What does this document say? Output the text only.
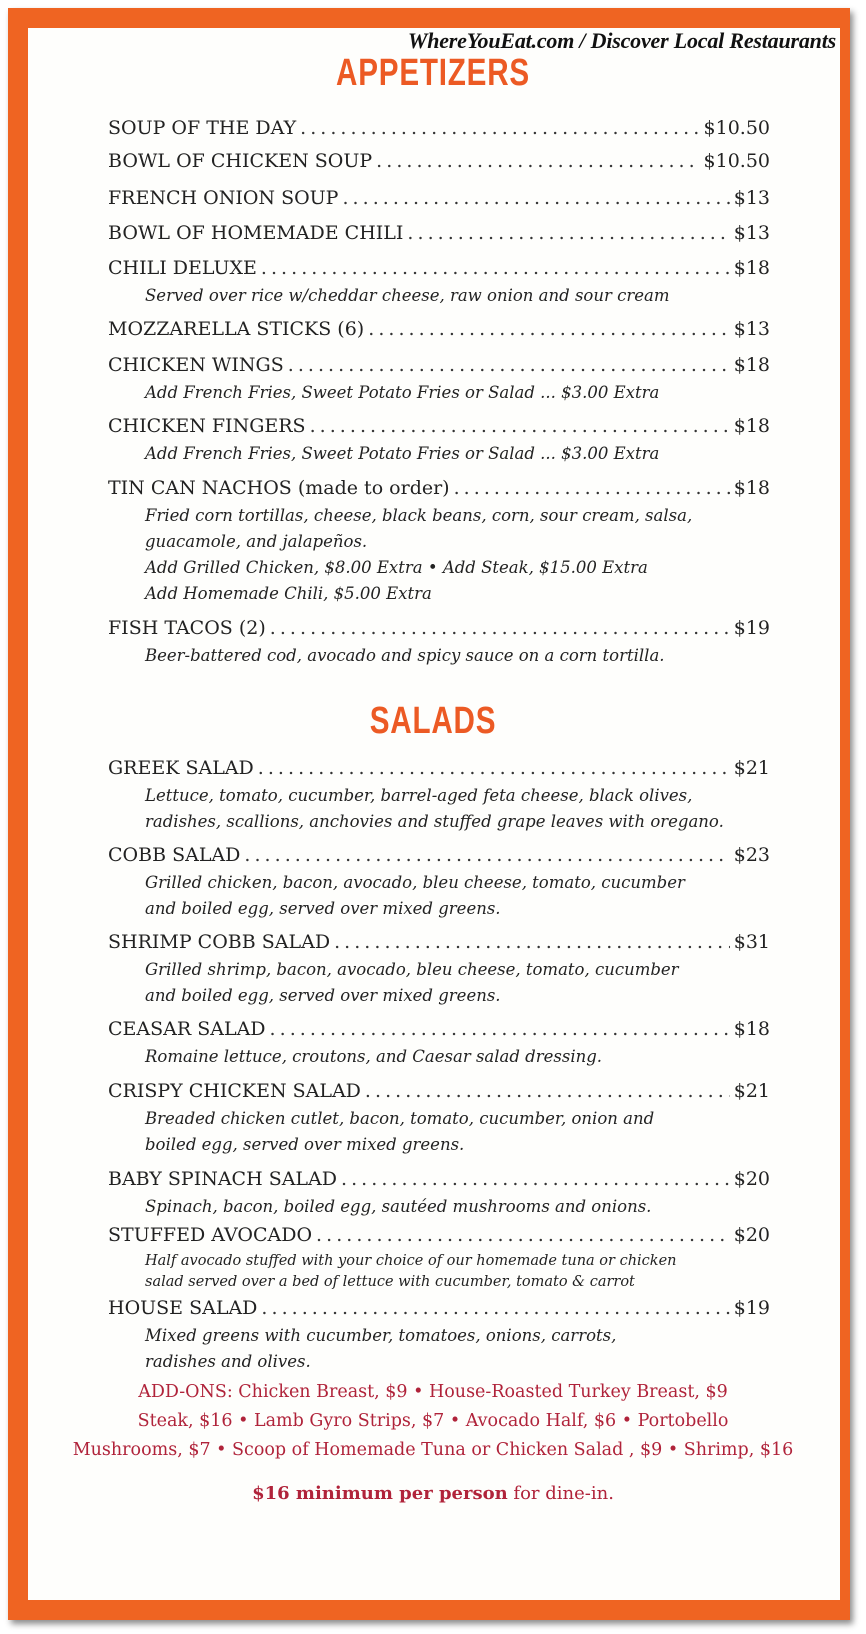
WhereYouEat.com / Discover Local Restaurants
APPETIZERS
SOUP OF THE DAY . . .	$10.50
BOWL OF CHICKEN SOUP . . .	$10.50
FRENCH ONION SOUP . . .	$13
BOWL OF HOMEMADE CHILI . . .	$13
CHILI DELUXE . . .	$18
Served over rice w/cheddar cheese, raw onion and sour cream
MOZZARELLA STICKS (6) . . .	$13
CHICKEN WINGS . . .	$18
Add French Fries, Sweet Potato Fries or Salad ... $3.00 Extra
CHICKEN FINGERS . . .	$18
Add French Fries, Sweet Potato Fries or Salad ... $3.00 Extra
TIN CAN NACHOS (made to order) . . .	$18
Fried corn tortillas, cheese, black beans, corn, sour cream, salsa,
guacamole, and jalapeños.
Add Grilled Chicken, $8.00 Extra • Add Steak, $15.00 Extra
Add Homemade Chili, $5.00 Extra
FISH TACOS (2) . . .	$19
Beer-battered cod, avocado and spicy sauce on a corn tortilla.
SALADS
GREEK SALAD . . .	$21
Lettuce, tomato, cucumber, barrel-aged feta cheese, black olives,
radishes, scallions, anchovies and stuffed grape leaves with oregano.
COBB SALAD . . .	$23
Grilled chicken, bacon, avocado, bleu cheese, tomato, cucumber
and boiled egg, served over mixed greens.
SHRIMP COBB SALAD . . .	$31
Grilled shrimp, bacon, avocado, bleu cheese, tomato, cucumber
and boiled egg, served over mixed greens.
CEASAR SALAD . . .	$18
Romaine lettuce, croutons, and Caesar salad dressing.
CRISPY CHICKEN SALAD . . .	$21
Breaded chicken cutlet, bacon, tomato, cucumber, onion and
boiled egg, served over mixed greens.
BABY SPINACH SALAD . . .	$20
Spinach, bacon, boiled egg, sautéed mushrooms and onions.
STUFFED AVOCADO . . .	$20
Half avocado stuffed with your choice of our homemade tuna or chicken
salad served over a bed of lettuce with cucumber, tomato & carrot
HOUSE SALAD . . .	$19
Mixed greens with cucumber, tomatoes, onions, carrots,
radishes and olives.
ADD-ONS: Chicken Breast, $9 • House-Roasted Turkey Breast, $9
Steak, $16 • Lamb Gyro Strips, $7 • Avocado Half, $6 • Portobello
Mushrooms, $7 • Scoop of Homemade Tuna or Chicken Salad , $9 • Shrimp, $16
$16 minimum per person for dine-in.
